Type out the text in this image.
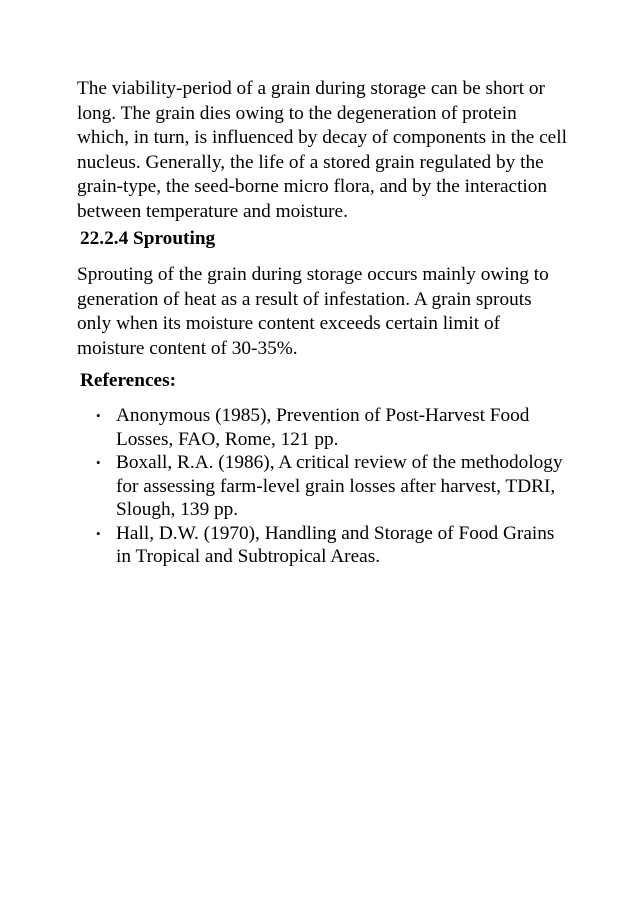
The viability-period of a grain during storage can be short or long. The grain dies owing to the degeneration of protein which, in turn, is influenced by decay of components in the cell nucleus. Generally, the life of a stored grain regulated by the grain-type, the seed-borne micro flora, and by the interaction between temperature and moisture.

22.2.4 Sprouting

Sprouting of the grain during storage occurs mainly owing to generation of heat as a result of infestation. A grain sprouts only when its moisture content exceeds certain limit of moisture content of 30-35%.

References:
• Anonymous (1985), Prevention of Post-Harvest Food Losses, FAO, Rome, 121 pp.
• Boxall, R.A. (1986), A critical review of the methodology for assessing farm-level grain losses after harvest, TDRI, Slough, 139 pp.
• Hall, D.W. (1970), Handling and Storage of Food Grains in Tropical and Subtropical Areas.
